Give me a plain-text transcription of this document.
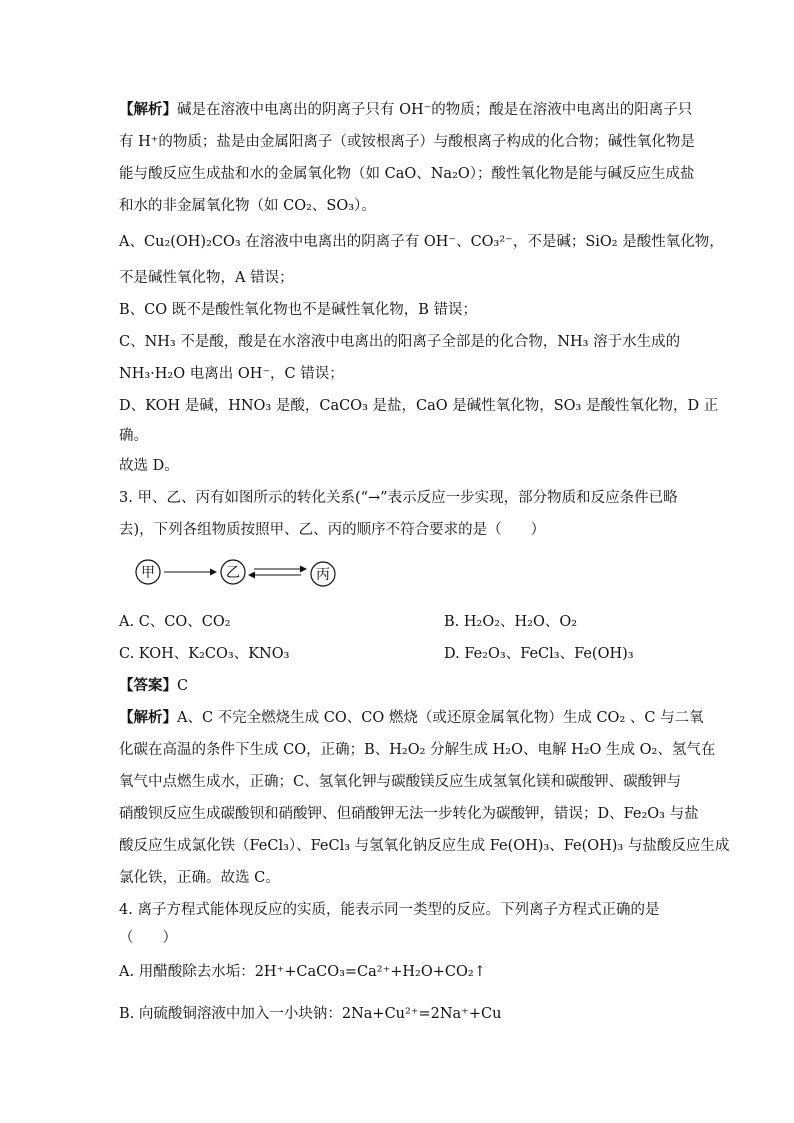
【解析】碱是在溶液中电离出的阴离子只有 OH⁻的物质；酸是在溶液中电离出的阳离子只
有 H⁺的物质；盐是由金属阳离子（或铵根离子）与酸根离子构成的化合物；碱性氧化物是
能与酸反应生成盐和水的金属氧化物（如 CaO、Na₂O）；酸性氧化物是能与碱反应生成盐
和水的非金属氧化物（如 CO₂、SO₃）。
A、Cu₂(OH)₂CO₃ 在溶液中电离出的阴离子有 OH⁻、CO₃²⁻，不是碱；SiO₂ 是酸性氧化物，
不是碱性氧化物，A 错误；
B、CO 既不是酸性氧化物也不是碱性氧化物，B 错误；
C、NH₃ 不是酸，酸是在水溶液中电离出的阳离子全部是的化合物，NH₃ 溶于水生成的
NH₃·H₂O 电离出 OH⁻，C 错误；
D、KOH 是碱，HNO₃ 是酸，CaCO₃ 是盐，CaO 是碱性氧化物，SO₃ 是酸性氧化物，D 正
确。
故选 D。
3. 甲、乙、丙有如图所示的转化关系(“→”表示反应一步实现，部分物质和反应条件已略
去)，下列各组物质按照甲、乙、丙的顺序不符合要求的是（　　）
甲	乙	丙
A. C、CO、CO₂	B. H₂O₂、H₂O、O₂
C. KOH、K₂CO₃、KNO₃	D. Fe₂O₃、FeCl₃、Fe(OH)₃
【答案】C
【解析】A、C 不完全燃烧生成 CO、CO 燃烧（或还原金属氧化物）生成 CO₂ 、C 与二氧
化碳在高温的条件下生成 CO，正确；B、H₂O₂ 分解生成 H₂O、电解 H₂O 生成 O₂、氢气在
氧气中点燃生成水，正确；C、氢氧化钾与碳酸镁反应生成氢氧化镁和碳酸钾、碳酸钾与
硝酸钡反应生成碳酸钡和硝酸钾、但硝酸钾无法一步转化为碳酸钾，错误；D、Fe₂O₃ 与盐
酸反应生成氯化铁（FeCl₃）、FeCl₃ 与氢氧化钠反应生成 Fe(OH)₃、Fe(OH)₃ 与盐酸反应生成
氯化铁，正确。故选 C。
4. 离子方程式能体现反应的实质，能表示同一类型的反应。下列离子方程式正确的是
（　　）
A. 用醋酸除去水垢：2H⁺+CaCO₃=Ca²⁺+H₂O+CO₂↑
B. 向硫酸铜溶液中加入一小块钠：2Na+Cu²⁺=2Na⁺+Cu
